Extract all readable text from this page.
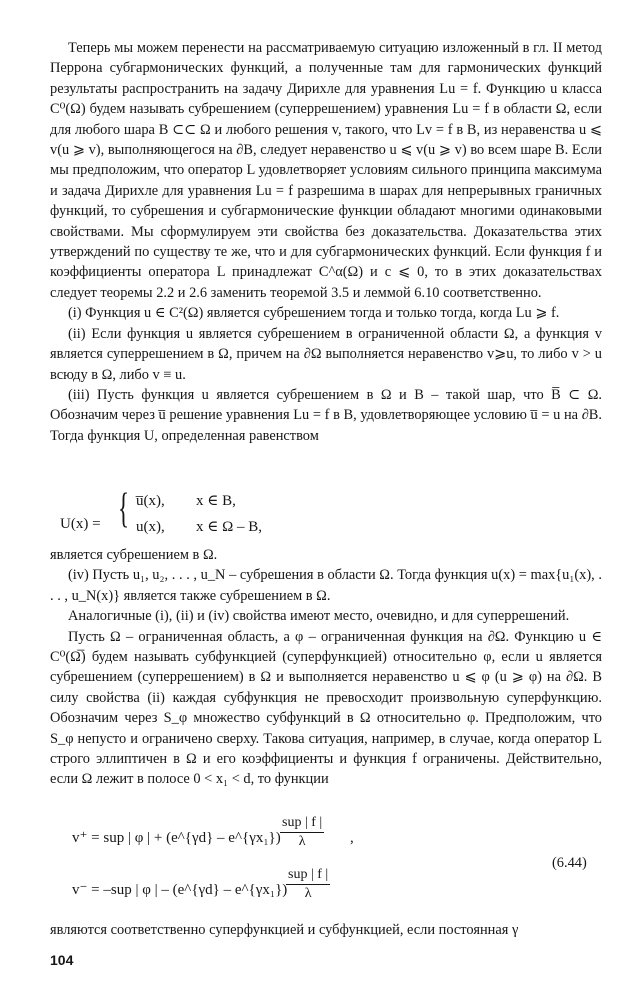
Теперь мы можем перенести на рассматриваемую ситуацию изложенный в гл. II метод Перрона субгармонических функций, а полученные там для гармонических функций результаты распространить на задачу Дирихле для уравнения Lu = f. Функцию u класса C⁰(Ω) будем называть субрешением (суперрешением) уравнения Lu = f в области Ω, если для любого шара B ⊂⊂ Ω и любого решения v, такого, что Lv = f в B, из неравенства u ⩽ v(u ⩾ v), выполняющегося на ∂B, следует неравенство u ⩽ v(u ⩾ v) во всем шаре B. Если мы предположим, что оператор L удовлетворяет условиям сильного принципа максимума и задача Дирихле для уравнения Lu = f разрешима в шарах для непрерывных граничных функций, то субрешения и субгармонические функции обладают многими одинаковыми свойствами. Мы сформулируем эти свойства без доказательства. Доказательства этих утверждений по существу те же, что и для субгармонических функций. Если функция f и коэффициенты оператора L принадлежат C^α(Ω) и c ⩽ 0, то в этих доказательствах следует теоремы 2.2 и 2.6 заменить теоремой 3.5 и леммой 6.10 соответственно.

(i) Функция u ∈ C²(Ω) является субрешением тогда и только тогда, когда Lu ⩾ f.

(ii) Если функция u является субрешением в ограниченной области Ω, а функция v является суперрешением в Ω, причем на ∂Ω выполняется неравенство v⩾u, то либо v > u всюду в Ω, либо v ≡ u.

(iii) Пусть функция u является субрешением в Ω и B – такой шар, что B̅ ⊂ Ω. Обозначим через u̅ решение уравнения Lu = f в B, удовлетворяющее условию u̅ = u на ∂B. Тогда функция U, определенная равенством

U(x) = { u̅(x), x ∈ B,
u(x), x ∈ Ω – B,

является субрешением в Ω.

(iv) Пусть u₁, u₂, . . . , u_N – субрешения в области Ω. Тогда функция u(x) = max{u₁(x), . . . , u_N(x)} является также субрешением в Ω.

Аналогичные (i), (ii) и (iv) свойства имеют место, очевидно, и для суперрешений.

Пусть Ω – ограниченная область, а φ – ограниченная функция на ∂Ω. Функцию u ∈ C⁰(Ω̅) будем называть субфункцией (суперфункцией) относительно φ, если u является субрешением (суперрешением) в Ω и выполняется неравенство u ⩽ φ (u ⩾ φ) на ∂Ω. В силу свойства (ii) каждая субфункция не превосходит произвольную суперфункцию. Обозначим через S_φ множество субфункций в Ω относительно φ. Предположим, что S_φ непусто и ограничено сверху. Такова ситуация, например, в случае, когда оператор L строго эллиптичен в Ω и его коэффициенты и функция f ограничены. Действительно, если Ω лежит в полосе 0 < x₁ < d, то функции

v⁺ = sup | φ | + (e^{γd} – e^{γx₁})
sup | f |
λ	,
(6.44)
v⁻ = –sup | φ | – (e^{γd} – e^{γx₁})
sup | f |
λ

являются соответственно суперфункцией и субфункцией, если постоянная γ

104
